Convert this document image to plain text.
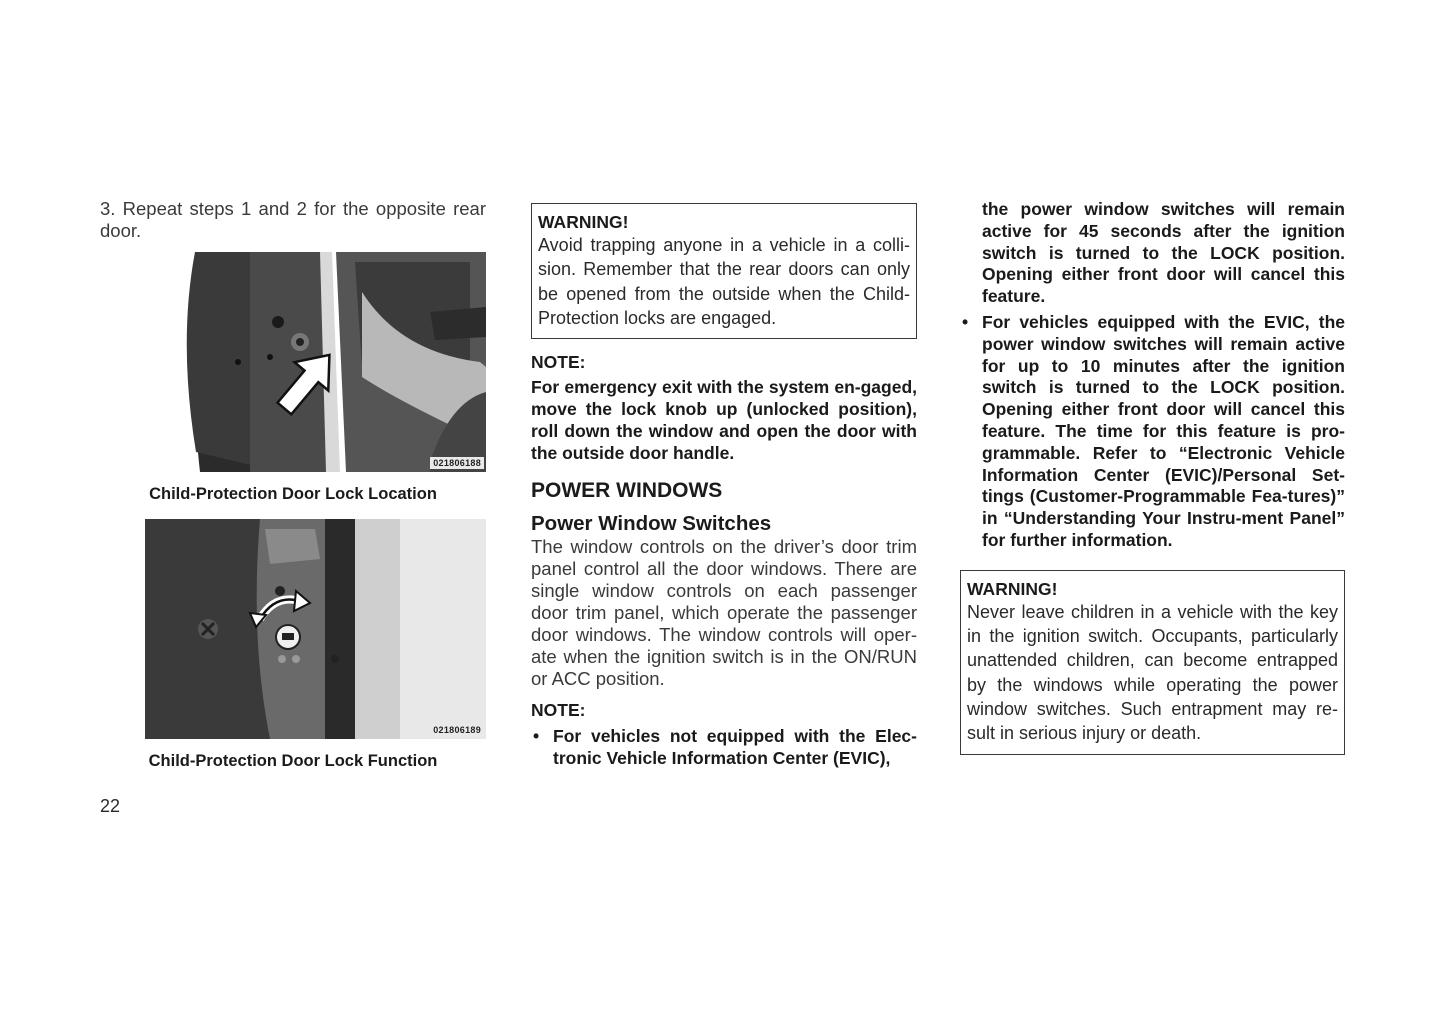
3. Repeat steps 1 and 2 for the opposite rear door.

021806188

Child-Protection Door Lock Location

021806189

Child-Protection Door Lock Function

WARNING!
Avoid trapping anyone in a vehicle in a colli-sion. Remember that the rear doors can only be opened from the outside when the Child-Protection locks are engaged.
NOTE:
For emergency exit with the system en-gaged, move the lock knob up (unlocked position), roll down the window and open the door with the outside door handle.
POWER WINDOWS
Power Window Switches
The window controls on the driver’s door trim panel control all the door windows. There are single window controls on each passenger door trim panel, which operate the passenger door windows. The window controls will oper-ate when the ignition switch is in the ON/RUN or ACC position.
NOTE:
• For vehicles not equipped with the Elec-tronic Vehicle Information Center (EVIC),
the power window switches will remain active for 45 seconds after the ignition switch is turned to the LOCK position. Opening either front door will cancel this feature.
• For vehicles equipped with the EVIC, the power window switches will remain active for up to 10 minutes after the ignition switch is turned to the LOCK position. Opening either front door will cancel this feature. The time for this feature is pro-grammable. Refer to “Electronic Vehicle Information Center (EVIC)/Personal Set-tings (Customer-Programmable Fea-tures)” in “Understanding Your Instru-ment Panel” for further information.
WARNING!
Never leave children in a vehicle with the key in the ignition switch. Occupants, particularly unattended children, can become entrapped by the windows while operating the power window switches. Such entrapment may re-sult in serious injury or death.
22
